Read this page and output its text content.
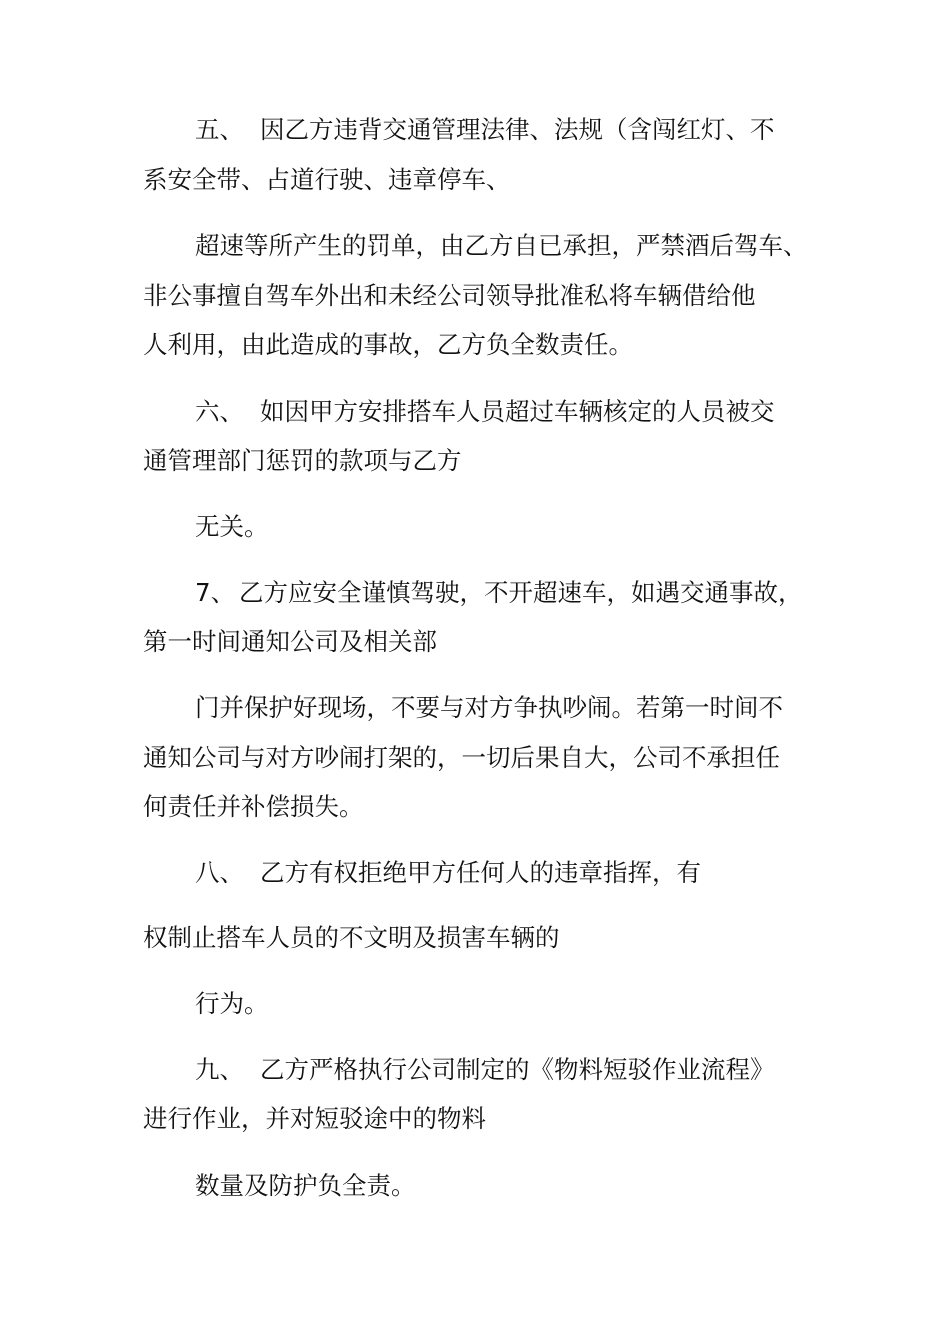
五、 因乙方违背交通管理法律、法规（含闯红灯、不
系安全带、占道行驶、违章停车、
超速等所产生的罚单，由乙方自已承担，严禁酒后驾车、
非公事擅自驾车外出和未经公司领导批准私将车辆借给他
人利用，由此造成的事故，乙方负全数责任。
六、 如因甲方安排搭车人员超过车辆核定的人员被交
通管理部门惩罚的款项与乙方
无关。
7、 乙方应安全谨慎驾驶，不开超速车，如遇交通事故，
第一时间通知公司及相关部
门并保护好现场，不要与对方争执吵闹。若第一时间不
通知公司与对方吵闹打架的，一切后果自大，公司不承担任
何责任并补偿损失。
八、 乙方有权拒绝甲方任何人的违章指挥，有
权制止搭车人员的不文明及损害车辆的
行为。
九、 乙方严格执行公司制定的《物料短驳作业流程》
进行作业，并对短驳途中的物料
数量及防护负全责。
